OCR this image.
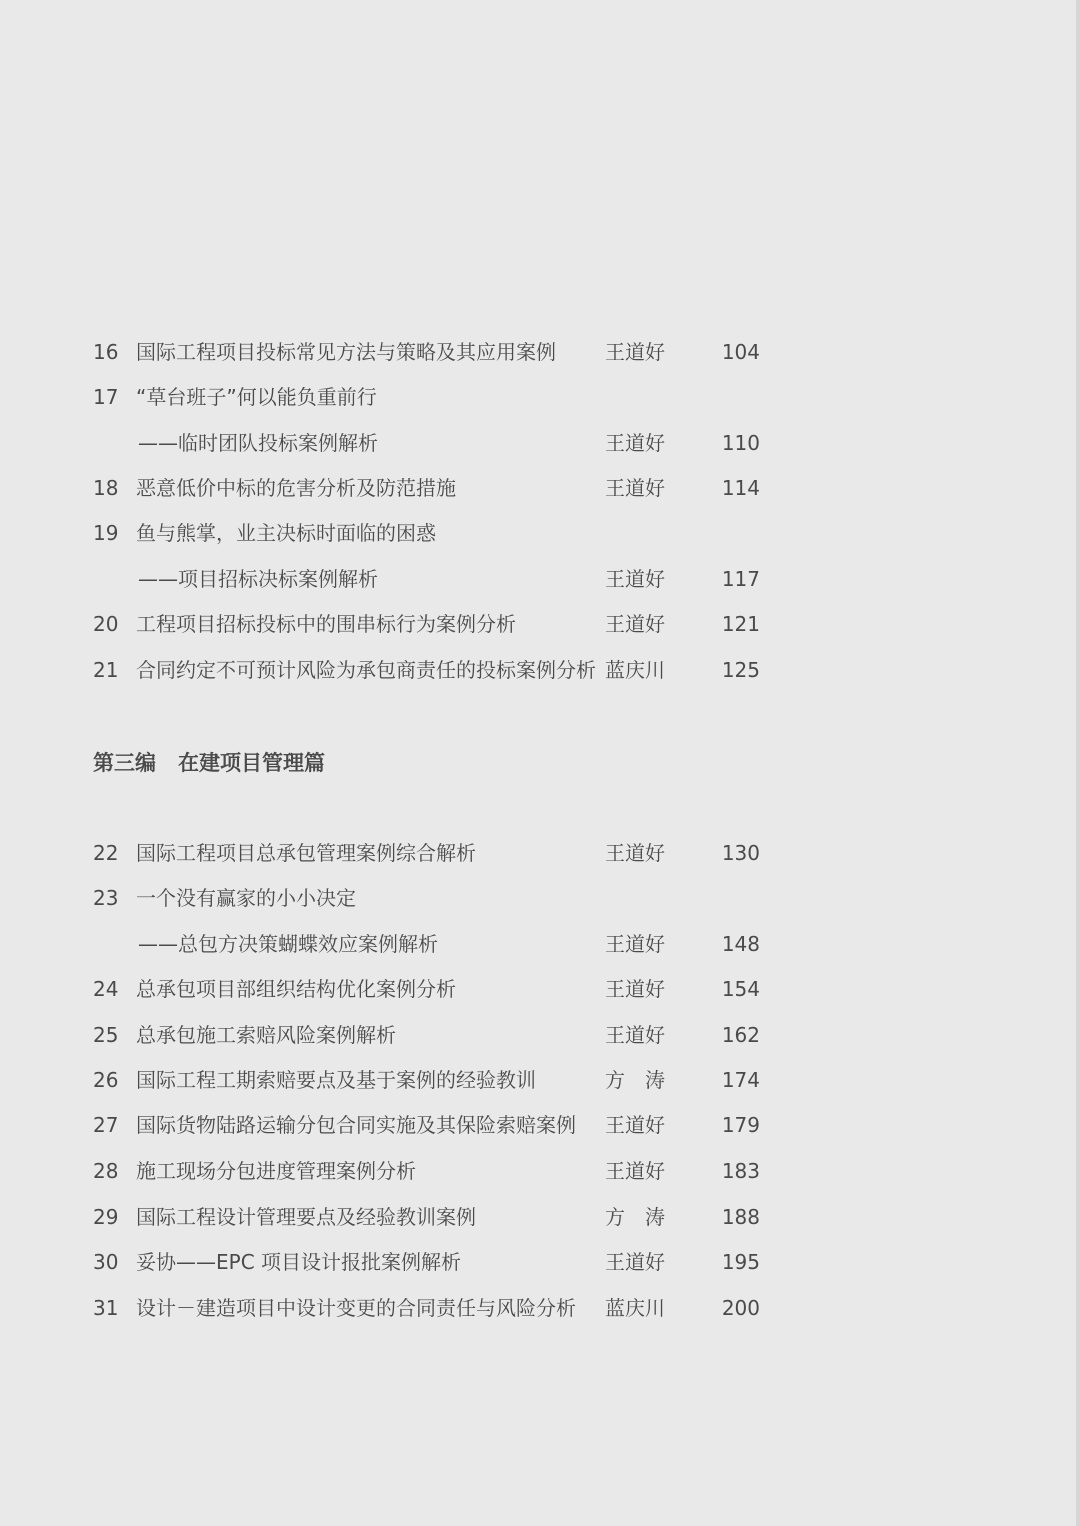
16 国际工程项目投标常见方法与策略及其应用案例 王道好	104
17 “草台班子”何以能负重前行
——临时团队投标案例解析	王道好	110
18 恶意低价中标的危害分析及防范措施	王道好	114
19 鱼与熊掌，业主决标时面临的困惑
——项目招标决标案例解析	王道好	117
20 工程项目招标投标中的围串标行为案例分析	王道好	121
21 合同约定不可预计风险为承包商责任的投标案例分析 蓝庆川	125
第三编 在建项目管理篇
22 国际工程项目总承包管理案例综合解析	王道好	130
23 一个没有赢家的小小决定
——总包方决策蝴蝶效应案例解析	王道好	148
24 总承包项目部组织结构优化案例分析	王道好	154
25 总承包施工索赔风险案例解析	王道好	162
26 国际工程工期索赔要点及基于案例的经验教训	方　涛	174
27 国际货物陆路运输分包合同实施及其保险索赔案例 王道好	179
28 施工现场分包进度管理案例分析	王道好	183
29 国际工程设计管理要点及经验教训案例	方　涛	188
30 妥协——EPC 项目设计报批案例解析	王道好	195
31 设计－建造项目中设计变更的合同责任与风险分析 蓝庆川	200
